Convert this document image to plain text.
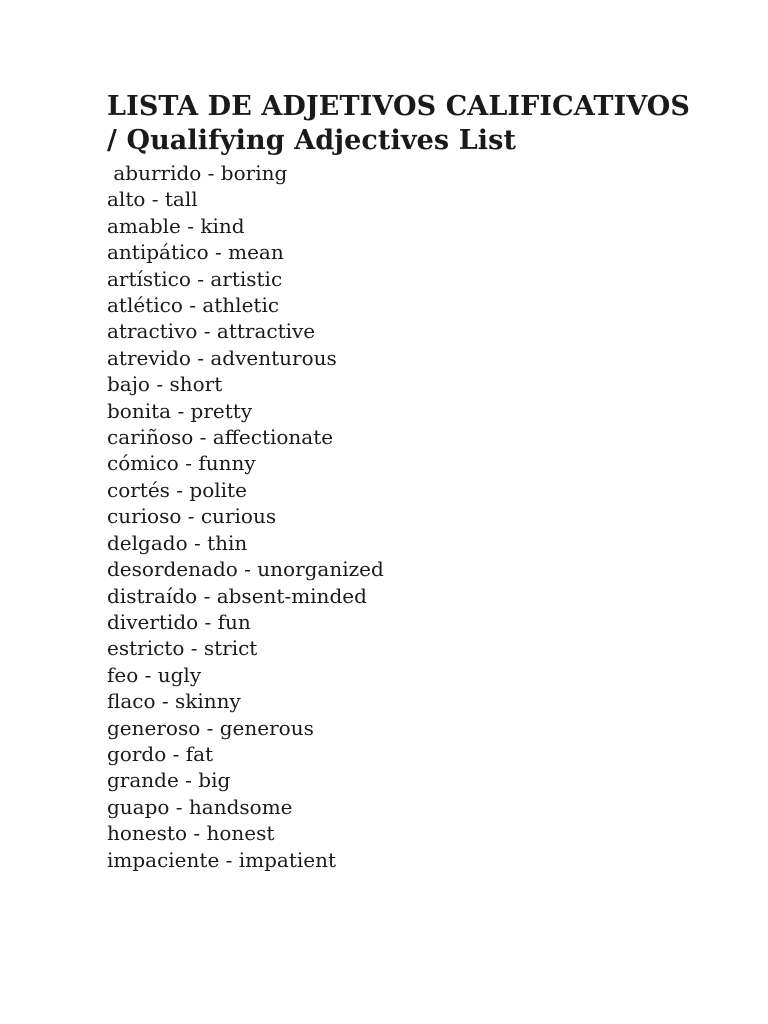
LISTA DE ADJETIVOS CALIFICATIVOS / Qualifying Adjectives List
aburrido - boring
alto - tall
amable - kind
antipático - mean
artístico - artistic
atlético - athletic
atractivo - attractive
atrevido - adventurous
bajo - short
bonita - pretty
cariñoso - affectionate
cómico - funny
cortés - polite
curioso - curious
delgado - thin
desordenado - unorganized
distraído - absent-minded
divertido - fun
estricto - strict
feo - ugly
flaco - skinny
generoso - generous
gordo - fat
grande - big
guapo - handsome
honesto - honest
impaciente - impatient
